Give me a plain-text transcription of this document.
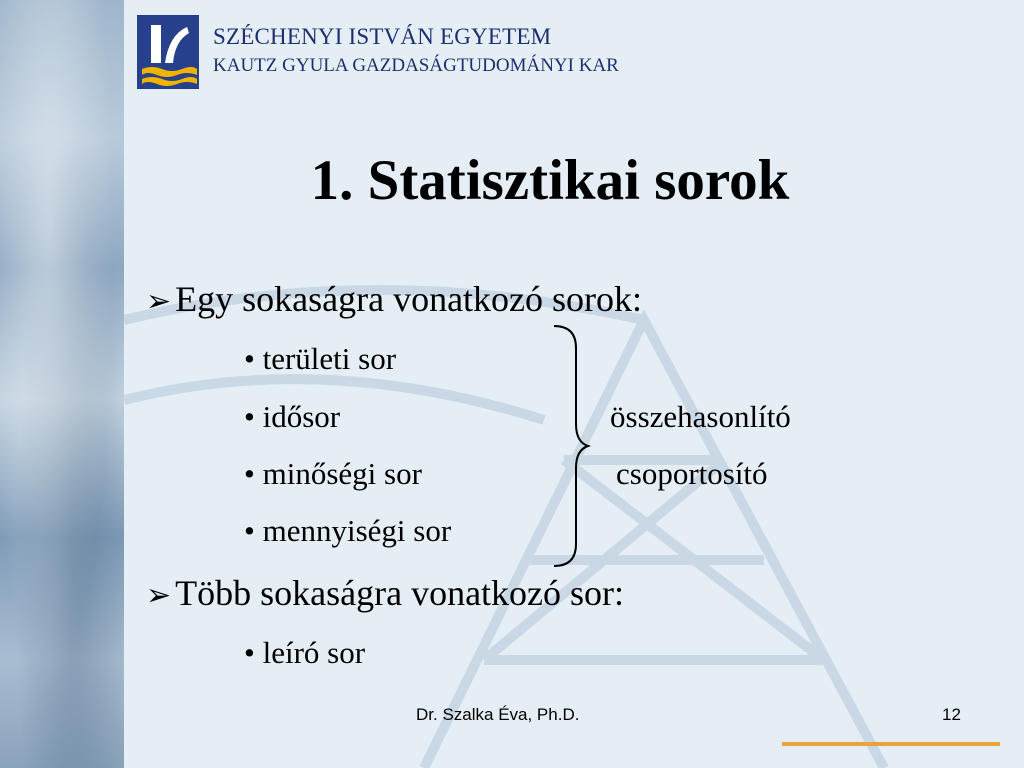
SZÉCHENYI ISTVÁN EGYETEM
KAUTZ GYULA GAZDASÁGTUDOMÁNYI KAR
1. Statisztikai sorok
➢ Egy sokaságra vonatkozó sorok:
• területi sor
• idősor
• minőségi sor
• mennyiségi sor
összehasonlító
csoportosító
➢ Több sokaságra vonatkozó sor:
• leíró sor
Dr. Szalka Éva, Ph.D.	12
